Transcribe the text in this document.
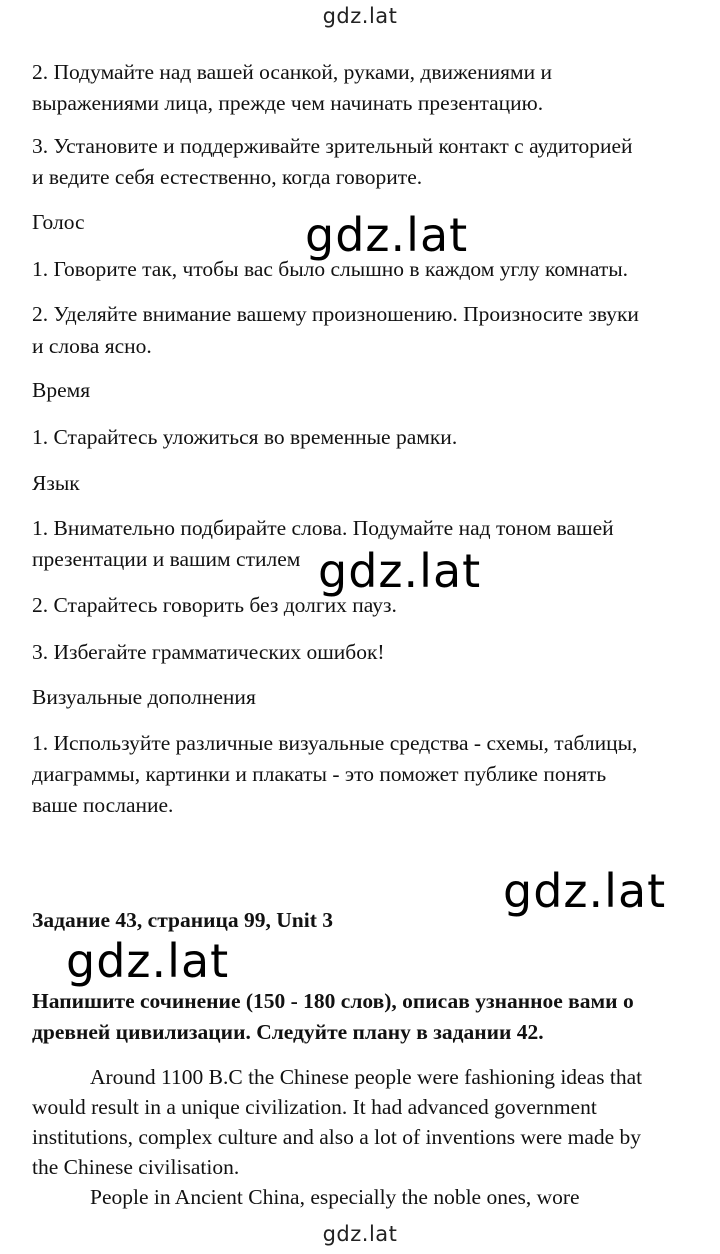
gdz.lat
2. Подумайте над вашей осанкой, руками, движениями и
выражениями лица, прежде чем начинать презентацию.
3. Установите и поддерживайте зрительный контакт с аудиторией
и ведите себя естественно, когда говорите.
Голос
1. Говорите так, чтобы вас было слышно в каждом углу комнаты.
2. Уделяйте внимание вашему произношению. Произносите звуки
и слова ясно.
Время
1. Старайтесь уложиться во временные рамки.
Язык
1. Внимательно подбирайте слова. Подумайте над тоном вашей
презентации и вашим стилем
2. Старайтесь говорить без долгих пауз.
3. Избегайте грамматических ошибок!
Визуальные дополнения
1. Используйте различные визуальные средства - схемы, таблицы,
диаграммы, картинки и плакаты - это поможет публике понять
ваше послание.
Задание 43, страница 99, Unit 3
Напишите сочинение (150 - 180 слов), описав узнанное вами о
древней цивилизации. Следуйте плану в задании 42.
Around 1100 B.C the Chinese people were fashioning ideas that
would result in a unique civilization. It had advanced government
institutions, complex culture and also a lot of inventions were made by
the Chinese civilisation.
People in Ancient China, especially the noble ones, wore
gdz.lat
gdz.lat
gdz.lat
gdz.lat
gdz.lat
